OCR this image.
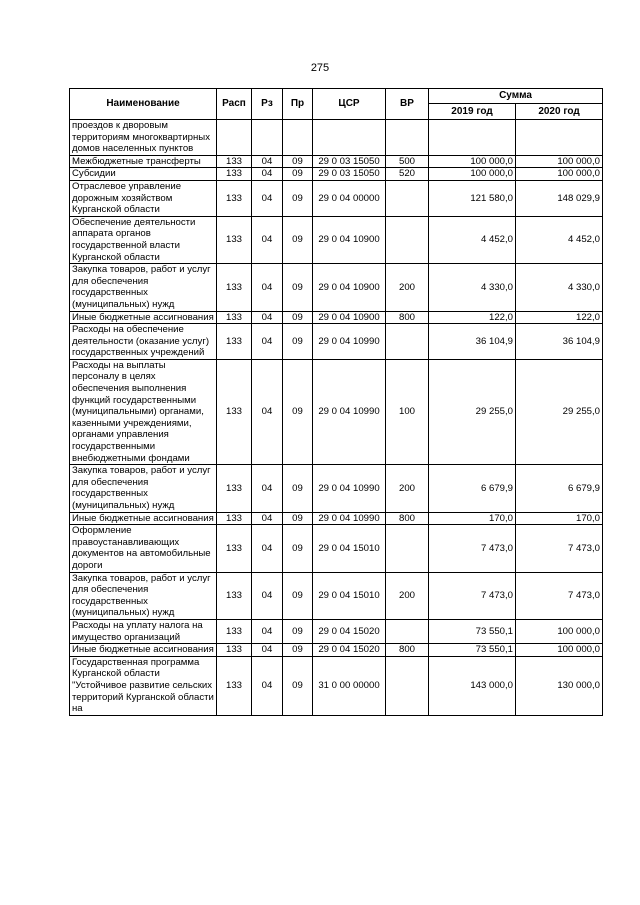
275
Наименование	Расп	Рз	Пр	ЦСР	ВР	Сумма	
						2019 год	2020 год
проездов к дворовым территориям многоквартирных домов населенных пунктов							
Межбюджетные трансферты	133	04	09	29 0 03 15050	500	100 000,0	100 000,0
Субсидии	133	04	09	29 0 03 15050	520	100 000,0	100 000,0
Отраслевое управление дорожным хозяйством Курганской области	133	04	09	29 0 04 00000		121 580,0	148 029,9
Обеспечение деятельности аппарата органов государственной власти Курганской области	133	04	09	29 0 04 10900		4 452,0	4 452,0
Закупка товаров, работ и услуг для обеспечения государственных (муниципальных) нужд	133	04	09	29 0 04 10900	200	4 330,0	4 330,0
Иные бюджетные ассигнования	133	04	09	29 0 04 10900	800	122,0	122,0
Расходы на обеспечение деятельности (оказание услуг) государственных учреждений	133	04	09	29 0 04 10990		36 104,9	36 104,9
Расходы на выплаты персоналу в целях обеспечения выполнения функций государственными (муниципальными) органами, казенными учреждениями, органами управления государственными внебюджетными фондами	133	04	09	29 0 04 10990	100	29 255,0	29 255,0
Закупка товаров, работ и услуг для обеспечения государственных (муниципальных) нужд	133	04	09	29 0 04 10990	200	6 679,9	6 679,9
Иные бюджетные ассигнования	133	04	09	29 0 04 10990	800	170,0	170,0
Оформление правоустанавливающих документов на автомобильные дороги	133	04	09	29 0 04 15010		7 473,0	7 473,0
Закупка товаров, работ и услуг для обеспечения государственных (муниципальных) нужд	133	04	09	29 0 04 15010	200	7 473,0	7 473,0
Расходы на уплату налога на имущество организаций	133	04	09	29 0 04 15020		73 550,1	100 000,0
Иные бюджетные ассигнования	133	04	09	29 0 04 15020	800	73 550,1	100 000,0
Государственная программа Курганской области "Устойчивое развитие сельских территорий Курганской области на	133	04	09	31 0 00 00000		143 000,0	130 000,0
